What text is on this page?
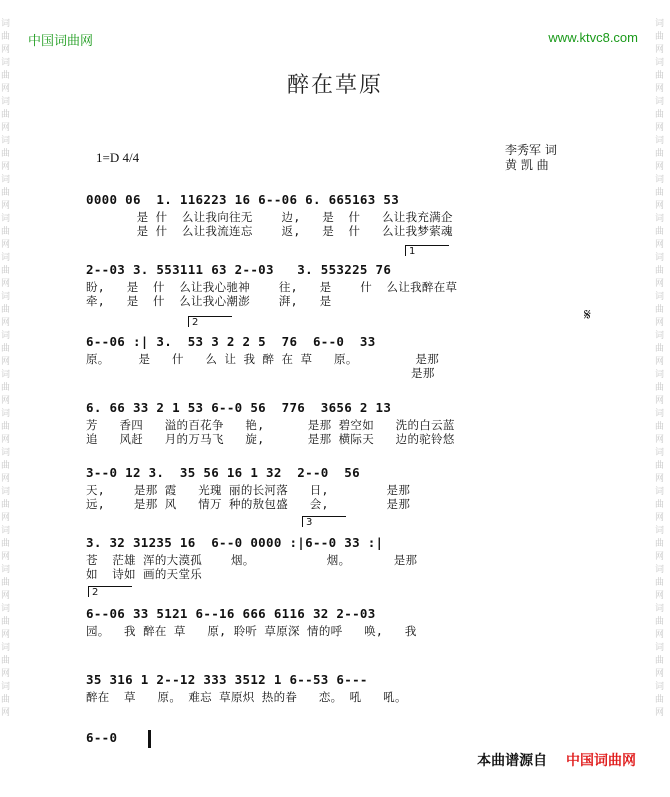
词曲网词曲网词曲网词曲网词曲网词曲网词曲网词曲网词曲网词曲网词曲网词曲网词曲网词曲网词曲网词曲网词曲网词曲网
词曲网词曲网词曲网词曲网词曲网词曲网词曲网词曲网词曲网词曲网词曲网词曲网词曲网词曲网词曲网词曲网词曲网词曲网
中国词曲网	www.ktvc8.com
醉在草原
1=D 4/4	李秀军 词
黄 凯 曲
1
2
3
2
𝄋
0000 06  1. 116223 16 6--06 6. 665163 53
是 什  么让我向往无    边,   是  什   么让我充满企
是 什  么让我流连忘    返,   是  什   么让我梦萦魂
2--03 3. 553111 63 2--03   3. 553225 76
盼,   是  什  么让我心驰神    往,   是    什  么让我醉在草
牵,   是  什  么让我心潮澎    湃,   是
6--06 :| 3.  53 3 2 2 5  76  6--0  33
原。    是   什   么 让 我 醉 在 草   原。        是那
是那
6. 66 33 2 1 53 6--0 56  776  3656 2 13
芳   香四   溢的百花争   艳,      是那 碧空如   洗的白云蓝
追   风赶   月的万马飞   旋,      是那 横际天   边的驼铃悠
3--0 12 3.  35 56 16 1 32  2--0  56
天,    是那 霞   光瑰 丽的长河落   日,        是那
远,    是那 风   情万 种的敖包盛   会,        是那
3. 32 31235 16  6--0 0000 :|6--0 33 :|
苍  茫雄 浑的大漠孤    烟。          烟。      是那
如  诗如 画的天堂乐
6--06 33 5121 6--16 666 6116 32 2--03
园。  我 醉在 草   原, 聆听 草原深 情的呼   唤,   我
35 316 1 2--12 333 3512 1 6--53 6---
醉在  草   原。 难忘 草原炽 热的眷   恋。 吼   吼。
6--0
本曲谱源自 中国词曲网
